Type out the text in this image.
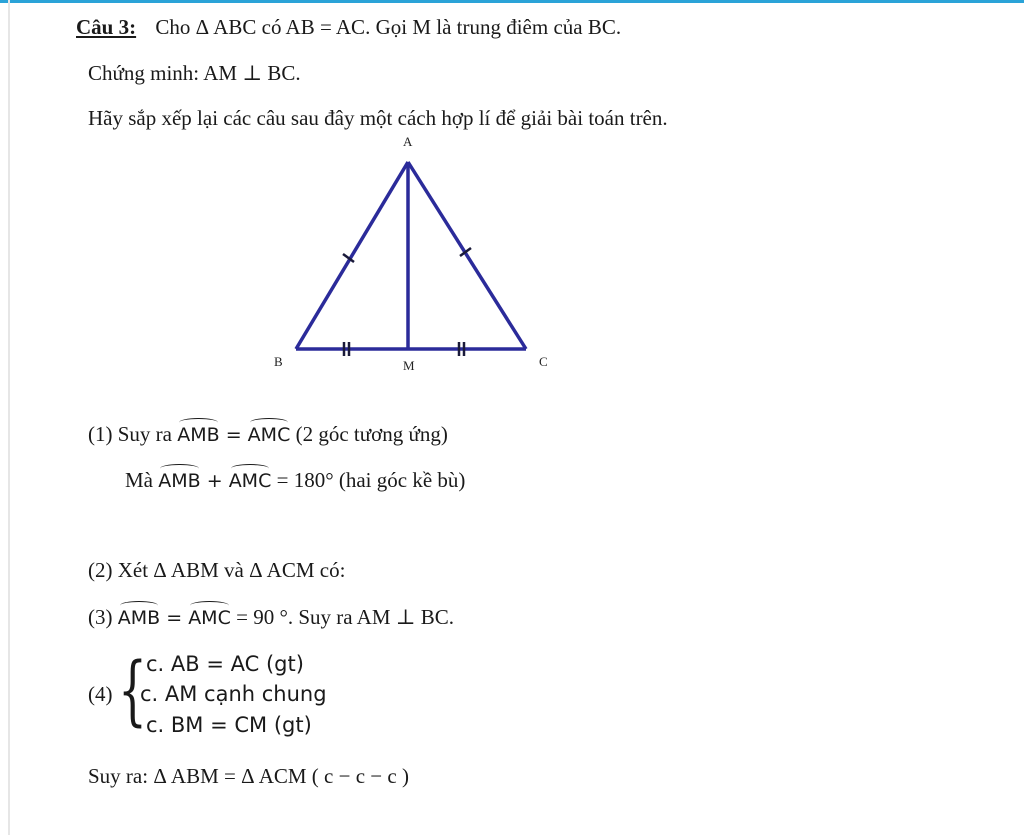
Câu 3: Cho Δ ABC có AB = AC. Gọi M là trung điêm của BC.
Chứng minh: AM ⊥ BC.
Hãy sắp xếp lại các câu sau đây một cách hợp lí để giải bài toán trên.
A
B	M	C
(1) Suy ra AMB = AMC (2 góc tương ứng)
Mà AMB + AMC = 180° (hai góc kề bù)
(2) Xét Δ ABM và Δ ACM có:
(3) AMB = AMC = 90 °. Suy ra AM ⊥ BC.
(4) {
c. AB = AC (gt)
c. AM cạnh chung
c. BM = CM (gt)
Suy ra: Δ ABM = Δ ACM ( c − c − c )
